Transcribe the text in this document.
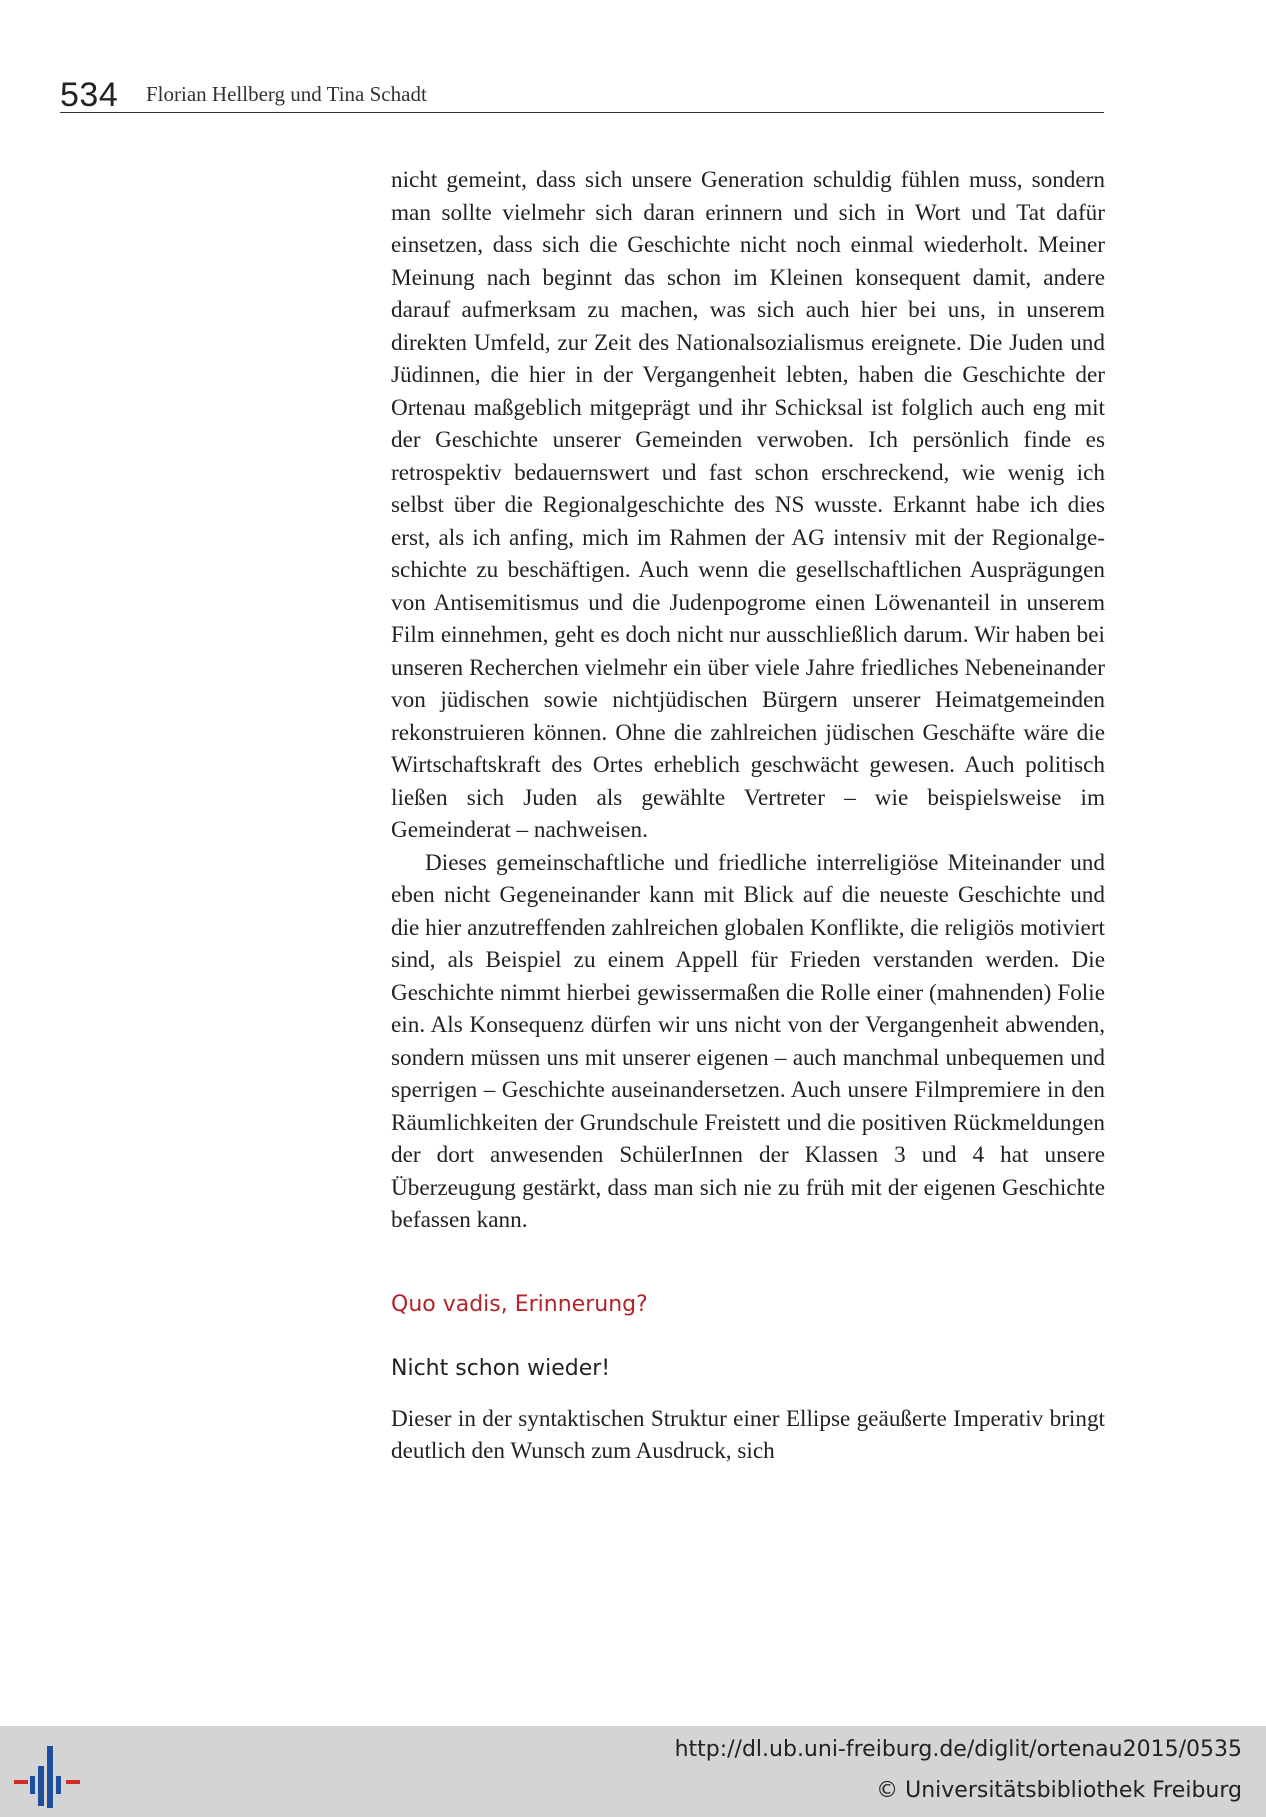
534 Florian Hellberg und Tina Schadt

nicht gemeint, dass sich unsere Generation schuldig fühlen muss, sondern man sollte vielmehr sich daran erinnern und sich in Wort und Tat dafür einsetzen, dass sich die Geschichte nicht noch einmal wiederholt. Meiner Meinung nach beginnt das schon im Kleinen konsequent damit, andere darauf aufmerksam zu machen, was sich auch hier bei uns, in unserem direkten Umfeld, zur Zeit des Nationalsozialismus ereignete. Die Juden und Jüdinnen, die hier in der Vergangenheit lebten, haben die Geschichte der Ortenau maßgeblich mitgeprägt und ihr Schicksal ist folglich auch eng mit der Geschichte unserer Gemeinden verwoben. Ich persönlich finde es retrospektiv bedauernswert und fast schon erschreckend, wie wenig ich selbst über die Regionalgeschichte des NS wusste. Erkannt habe ich dies erst, als ich anfing, mich im Rahmen der AG intensiv mit der Regionalgeschichte zu beschäftigen. Auch wenn die gesellschaftlichen Ausprägungen von Antisemitismus und die Judenpogrome einen Löwenanteil in unserem Film einnehmen, geht es doch nicht nur ausschließlich darum. Wir haben bei unseren Recherchen vielmehr ein über viele Jahre friedliches Nebeneinander von jüdischen sowie nichtjüdischen Bürgern unserer Heimatgemeinden rekonstruieren können. Ohne die zahlreichen jüdischen Geschäfte wäre die Wirtschaftskraft des Ortes erheblich geschwächt gewesen. Auch politisch ließen sich Juden als gewählte Vertreter – wie beispielsweise im Gemeinderat – nachweisen.

Dieses gemeinschaftliche und friedliche interreligiöse Miteinander und eben nicht Gegeneinander kann mit Blick auf die neueste Geschichte und die hier anzutreffenden zahlreichen globalen Konflikte, die religiös motiviert sind, als Beispiel zu einem Appell für Frieden verstanden werden. Die Geschichte nimmt hierbei gewissermaßen die Rolle einer (mahnenden) Folie ein. Als Konsequenz dürfen wir uns nicht von der Vergangenheit abwenden, sondern müssen uns mit unserer eigenen – auch manchmal unbequemen und sperrigen – Geschichte auseinandersetzen. Auch unsere Filmpremiere in den Räumlichkeiten der Grundschule Freistett und die positiven Rückmeldungen der dort anwesenden SchülerInnen der Klassen 3 und 4 hat unsere Überzeugung gestärkt, dass man sich nie zu früh mit der eigenen Geschichte befassen kann.

Quo vadis, Erinnerung?
Nicht schon wieder!

Dieser in der syntaktischen Struktur einer Ellipse geäußerte Imperativ bringt deutlich den Wunsch zum Ausdruck, sich

http://dl.ub.uni-freiburg.de/diglit/ortenau2015/0535
© Universitätsbibliothek Freiburg
